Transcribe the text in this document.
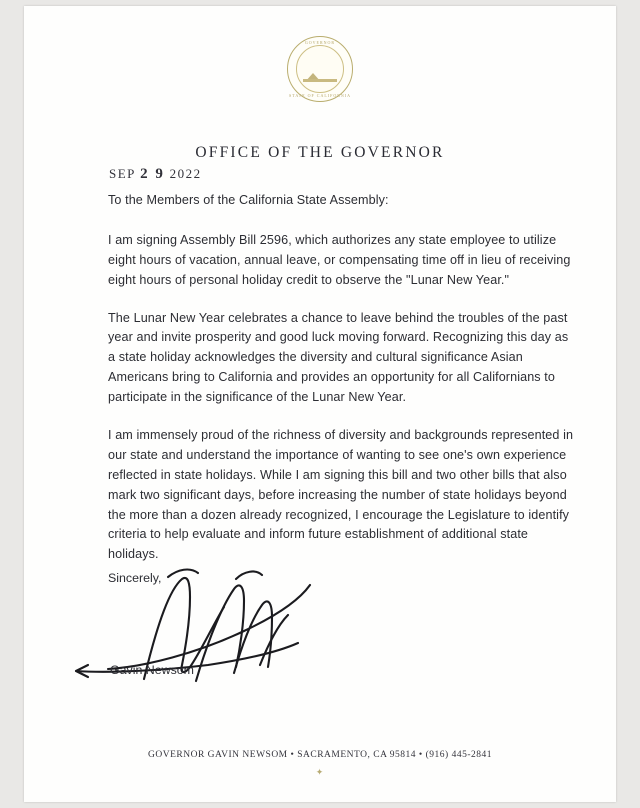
GOVERNOR
STATE OF CALIFORNIA
OFFICE OF THE GOVERNOR
SEP 2 9 2022

To the Members of the California State Assembly:

I am signing Assembly Bill 2596, which authorizes any state employee to utilize eight hours of vacation, annual leave, or compensating time off in lieu of receiving eight hours of personal holiday credit to observe the "Lunar New Year."

The Lunar New Year celebrates a chance to leave behind the troubles of the past year and invite prosperity and good luck moving forward. Recognizing this day as a state holiday acknowledges the diversity and cultural significance Asian Americans bring to California and provides an opportunity for all Californians to participate in the significance of the Lunar New Year.

I am immensely proud of the richness of diversity and backgrounds represented in our state and understand the importance of wanting to see one's own experience reflected in state holidays. While I am signing this bill and two other bills that also mark two significant days, before increasing the number of state holidays beyond the more than a dozen already recognized, I encourage the Legislature to identify criteria to help evaluate and inform future establishment of additional state holidays.

Sincerely,
Gavin Newsom
GOVERNOR GAVIN NEWSOM • SACRAMENTO, CA 95814 • (916) 445-2841
✦
